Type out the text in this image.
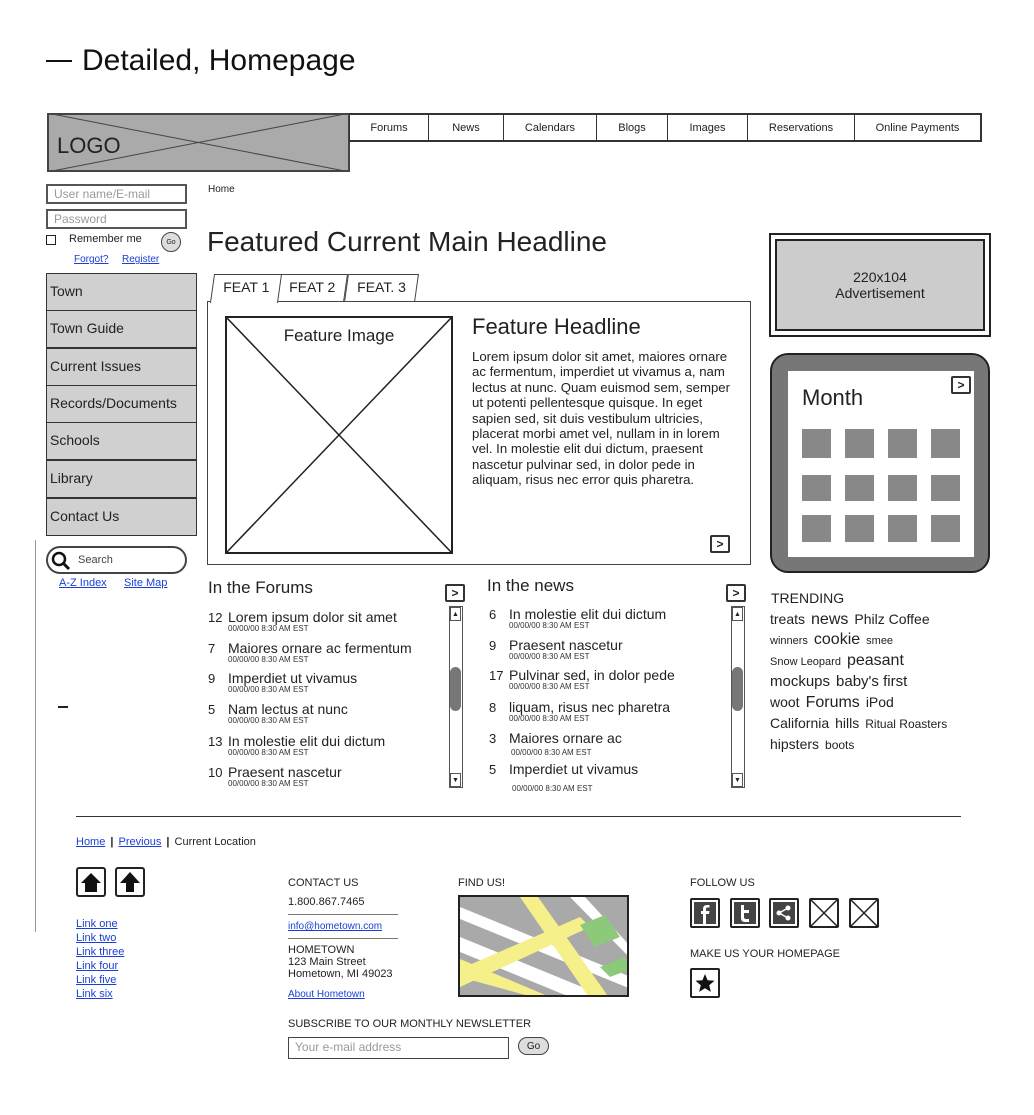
Detailed, Homepage
LOGO
Forums	News	Calendars	Blogs	Images	Reservations	Online Payments
User name/E-mail
Password
Remember me	Go
Forgot? Register
Town
Town Guide
Current Issues
Records/Documents
Schools
Library
Contact Us
Search
A-Z Index Site Map
Home
Featured Current Main Headline
FEAT 1	FEAT 2	FEAT. 3
Feature Image	Feature Headline
Lorem ipsum dolor sit amet, maiores ornare ac fermentum, imperdiet ut vivamus a, nam lectus at nunc. Quam euismod sem, semper ut potenti pellentesque quisque. In eget sapien sed, sit duis vestibulum ultricies, placerat morbi amet vel, nullam in in lorem vel. In molestie elit dui dictum, praesent nascetur pulvinar sed, in dolor pede in aliquam, risus nec error quis pharetra.
>
In the Forums	>
12 Lorem ipsum dolor sit amet
00/00/00 8:30 AM EST
7 Maiores ornare ac fermentum
00/00/00 8:30 AM EST
9 Imperdiet ut vivamus
00/00/00 8:30 AM EST
5 Nam lectus at nunc
00/00/00 8:30 AM EST
13 In molestie elit dui dictum
00/00/00 8:30 AM EST
10 Praesent nascetur
00/00/00 8:30 AM EST
▲
▼
In the news	>
6 In molestie elit dui dictum
00/00/00 8:30 AM EST
9 Praesent nascetur
00/00/00 8:30 AM EST
17 Pulvinar sed, in dolor pede
00/00/00 8:30 AM EST
8 liquam, risus nec pharetra
00/00/00 8:30 AM EST
3 Maiores ornare ac
00/00/00 8:30 AM EST
5 Imperdiet ut vivamus
00/00/00 8:30 AM EST
▲
▼
220x104
Advertisement
Month	>
TRENDING
treats news Philz Coffee
winners cookie smee
Snow Leopard peasant
mockups baby's first
woot Forums iPod
California hills Ritual Roasters
hipsters boots
Home | Previous | Current Location
Link one
Link two
Link three
Link four
Link five
Link six
CONTACT US
1.800.867.7465
info@hometown.com
HOMETOWN
123 Main Street
Hometown, MI 49023
About Hometown
FIND US!	FOLLOW US
MAKE US YOUR HOMEPAGE
SUBSCRIBE TO OUR MONTHLY NEWSLETTER
Your e-mail address	Go
